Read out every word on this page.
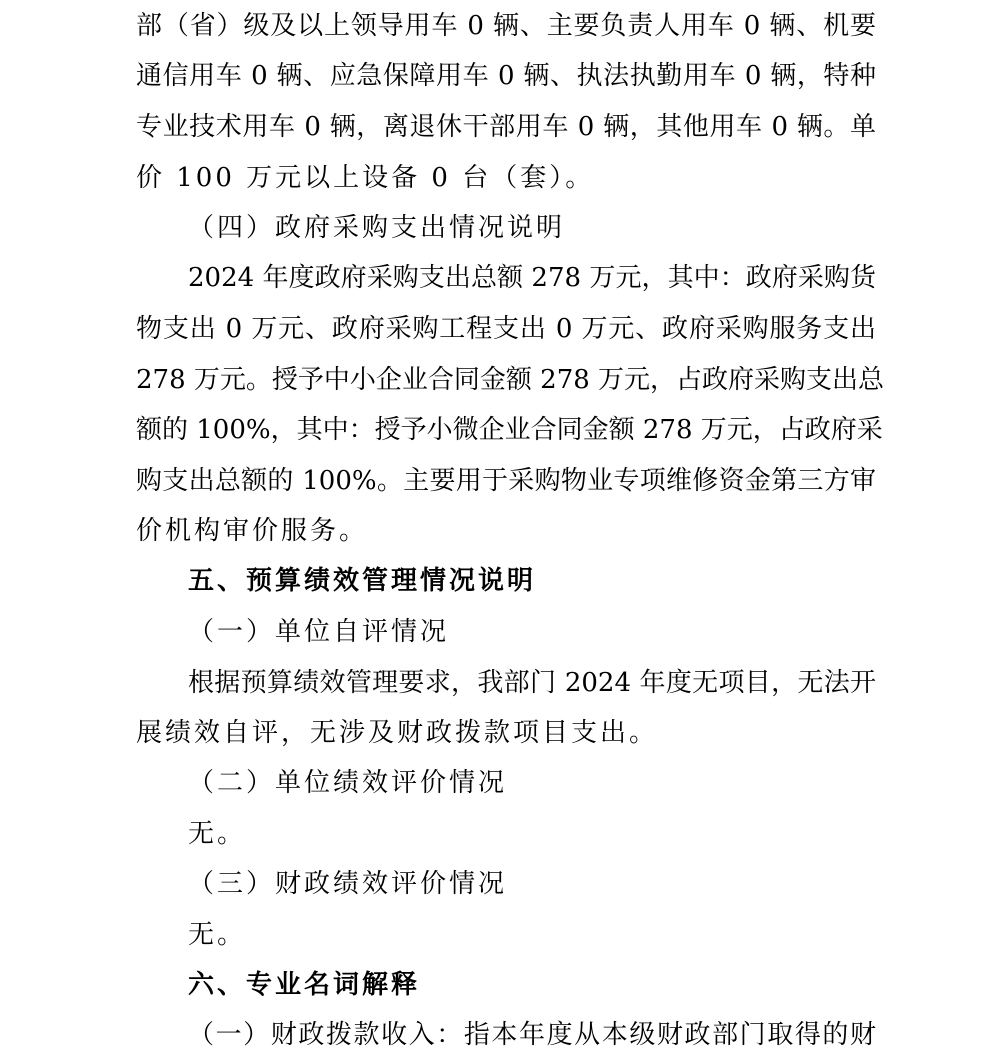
部（省）级及以上领导用车 0 辆、主要负责人用车 0 辆、机要
通信用车 0 辆、应急保障用车 0 辆、执法执勤用车 0 辆，特种
专业技术用车 0 辆，离退休干部用车 0 辆，其他用车 0 辆。单
价 100 万元以上设备 0 台（套）。
（四）政府采购支出情况说明
2024 年度政府采购支出总额 278 万元，其中：政府采购货
物支出 0 万元、政府采购工程支出 0 万元、政府采购服务支出
278 万元。授予中小企业合同金额 278 万元，占政府采购支出总
额的 100%，其中：授予小微企业合同金额 278 万元，占政府采
购支出总额的 100%。主要用于采购物业专项维修资金第三方审
价机构审价服务。
五、预算绩效管理情况说明
（一）单位自评情况
根据预算绩效管理要求，我部门 2024 年度无项目，无法开
展绩效自评，无涉及财政拨款项目支出。
（二）单位绩效评价情况
无。
（三）财政绩效评价情况
无。
六、专业名词解释
（一）财政拨款收入：指本年度从本级财政部门取得的财
